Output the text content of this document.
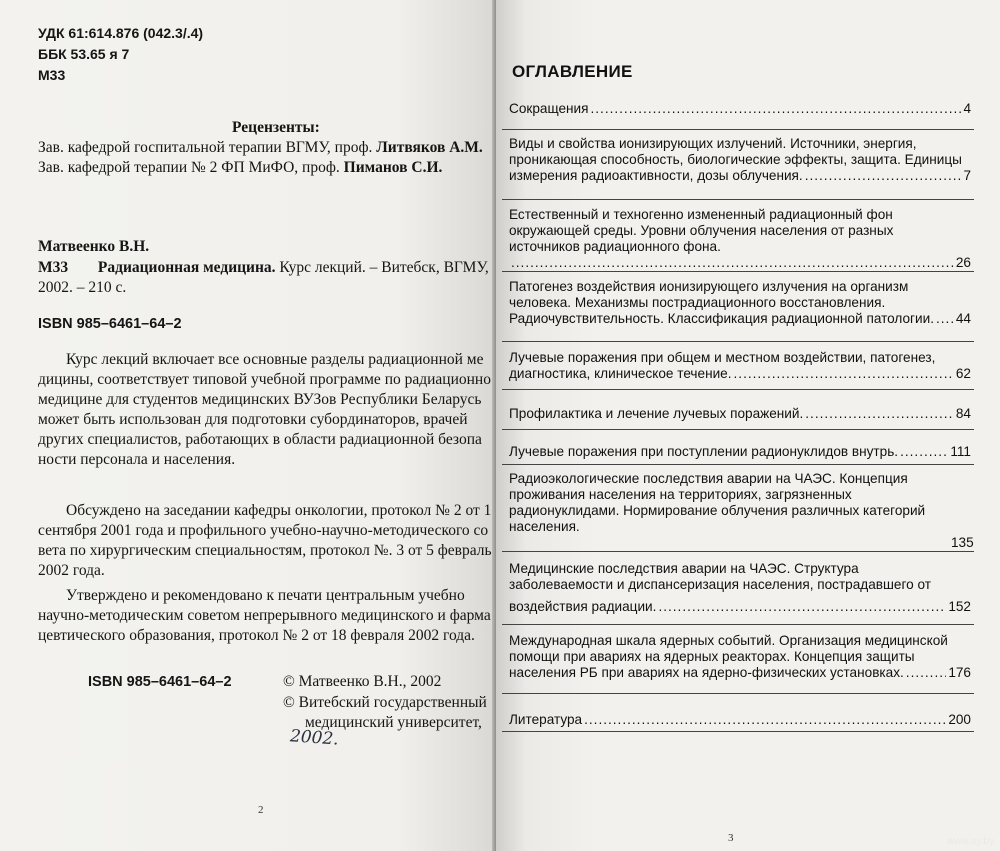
УДК 61:614.876 (042.3/.4)
ББК 53.65 я 7
М33
Рецензенты:
Зав. кафедрой госпитальной терапии ВГМУ, проф. Литвяков А.М.
Зав. кафедрой терапии № 2 ФП МиФО, проф. Пиманов С.И.
Матвеенко В.Н.
М33 Радиационная медицина. Курс лекций. – Витебск, ВГМУ,
2002. – 210 с.
ISBN 985–6461–64–2
Курс лекций включает все основные разделы радиационной ме
дицины, соответствует типовой учебной программе по радиационно
медицине для студентов медицинских ВУЗов Республики Беларусь
может быть использован для подготовки субординаторов, врачей
других специалистов, работающих в области радиационной безопа
ности персонала и населения.
Обсуждено на заседании кафедры онкологии, протокол № 2 от 1
сентября 2001 года и профильного учебно-научно-методического со
вета по хирургическим специальностям, протокол №. 3 от 5 февраль
2002 года.
Утверждено и рекомендовано к печати центральным учебно
научно-методическим советом непрерывного медицинского и фарма
цевтического образования, протокол № 2 от 18 февраля 2002 года.
ISBN 985–6461–64–2	© Матвеенко В.Н., 2002
© Витебский государственный
медицинский университет,
2002.
2
ОГЛАВЛЕНИЕ
Сокращения .....	4
Виды и свойства ионизирующих излучений. Источники, энергия,
проникающая способность, биологические эффекты, защита. Единицы
измерения радиоактивности, дозы облучения. .....	7
Естественный и техногенно измененный радиационный фон
окружающей среды. Уровни облучения населения от разных
источников радиационного фона.
.....
26
Патогенез воздействия ионизирующего излучения на организм
человека. Механизмы пострадиационного восстановления.
Радиочувствительность. Классификация радиационной патологии. ..... 44
Лучевые поражения при общем и местном воздействии, патогенез,
диагностика, клиническое течение. .....	62
Профилактика и лечение лучевых поражений. .....	84
Лучевые поражения при поступлении радионуклидов внутрь. .....	111
Радиоэкологические последствия аварии на ЧАЭС. Концепция
проживания населения на территориях, загрязненных
радионуклидами. Нормирование облучения различных категорий
населения.
135
Медицинские последствия аварии на ЧАЭС. Структура
заболеваемости и диспансеризация населения, пострадавшего от
воздействия радиации. .....	152
Международная шкала ядерных событий. Организация медицинской
помощи при авариях на ядерных реакторах. Концепция защиты
населения РБ при авариях на ядерно-физических установках. .....	176
Литература .....	200
3	www.ay.by
